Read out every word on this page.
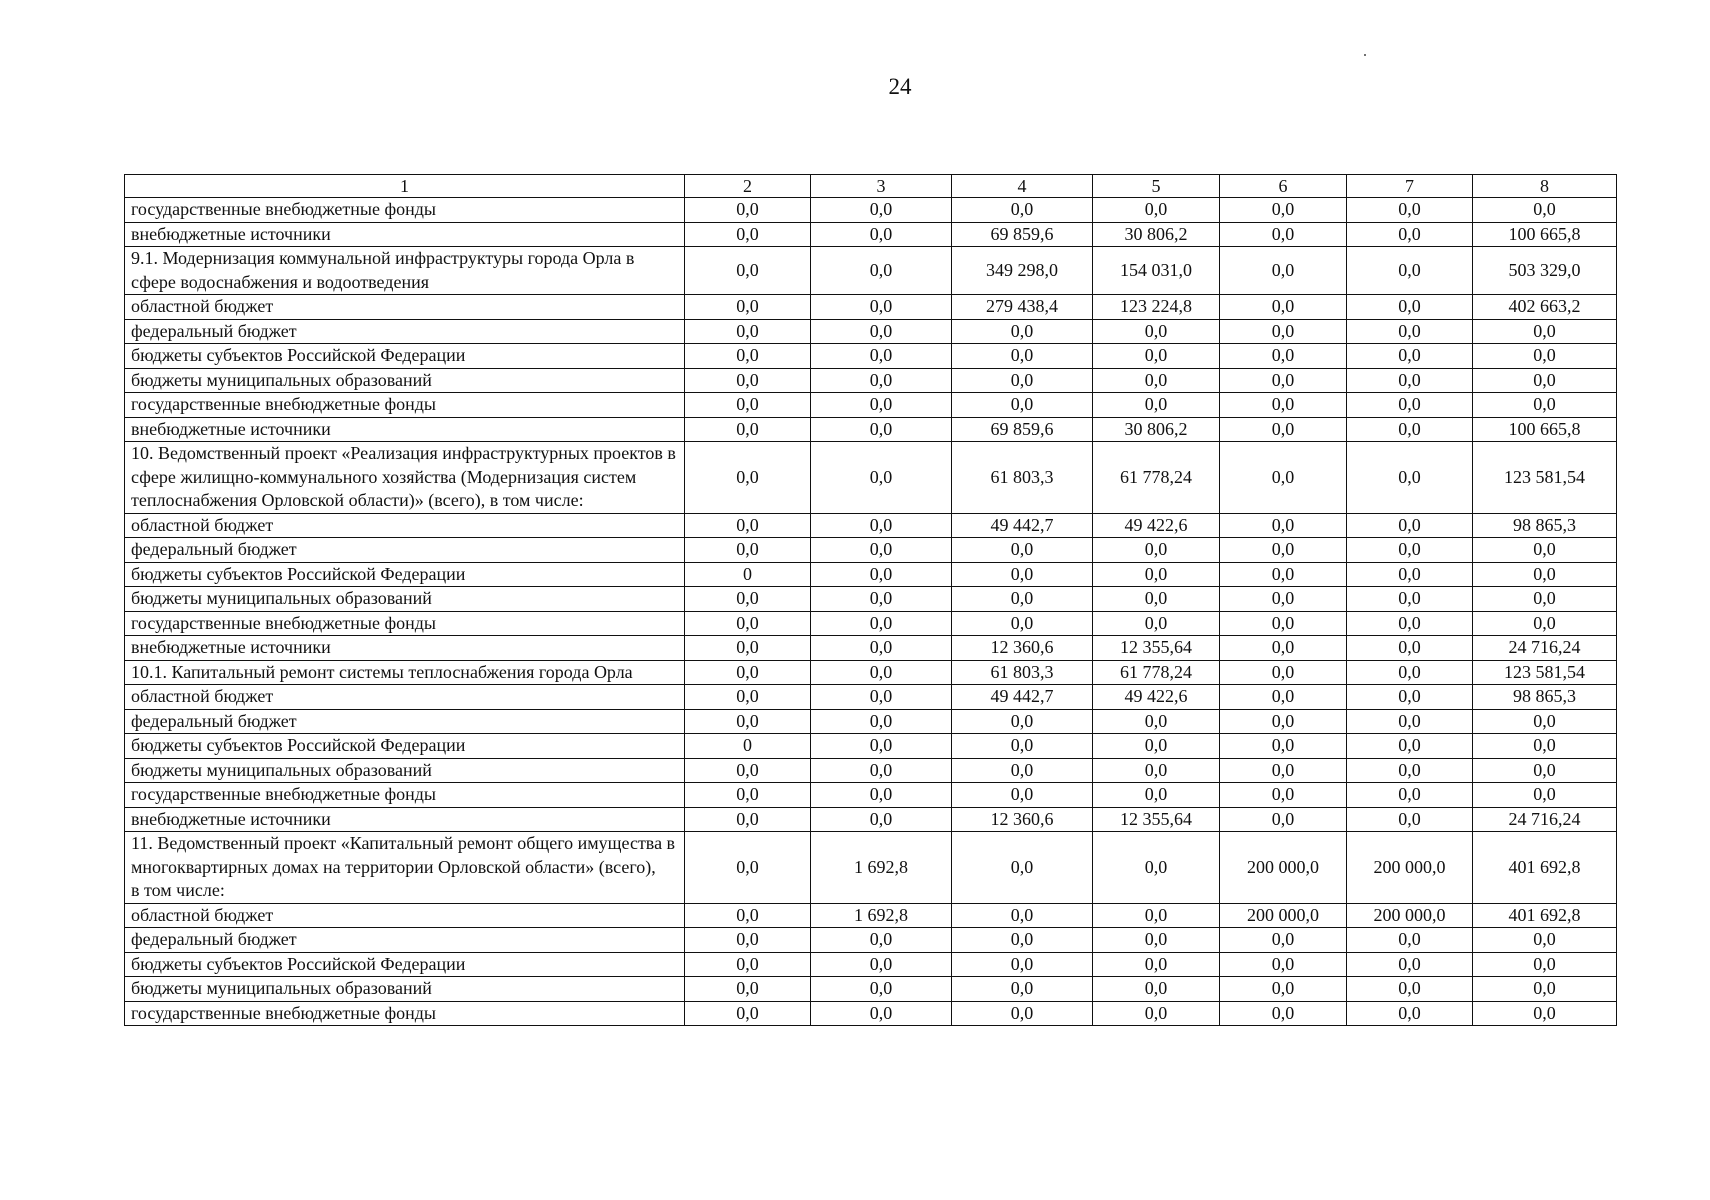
24
1	2	3	4	5	6	7	8
государственные внебюджетные фонды	0,0	0,0	0,0	0,0	0,0	0,0	0,0
внебюджетные источники	0,0	0,0	69 859,6	30 806,2	0,0	0,0	100 665,8
9.1. Модернизация коммунальной инфраструктуры города Орла в сфере водоснабжения и водоотведения	0,0	0,0	349 298,0	154 031,0	0,0	0,0	503 329,0
областной бюджет	0,0	0,0	279 438,4	123 224,8	0,0	0,0	402 663,2
федеральный бюджет	0,0	0,0	0,0	0,0	0,0	0,0	0,0
бюджеты субъектов Российской Федерации	0,0	0,0	0,0	0,0	0,0	0,0	0,0
бюджеты муниципальных образований	0,0	0,0	0,0	0,0	0,0	0,0	0,0
государственные внебюджетные фонды	0,0	0,0	0,0	0,0	0,0	0,0	0,0
внебюджетные источники	0,0	0,0	69 859,6	30 806,2	0,0	0,0	100 665,8
10. Ведомственный проект «Реализация инфраструктурных проектов в сфере жилищно-коммунального хозяйства (Модернизация систем теплоснабжения Орловской области)» (всего), в том числе:	0,0	0,0	61 803,3	61 778,24	0,0	0,0	123 581,54
областной бюджет	0,0	0,0	49 442,7	49 422,6	0,0	0,0	98 865,3
федеральный бюджет	0,0	0,0	0,0	0,0	0,0	0,0	0,0
бюджеты субъектов Российской Федерации	0	0,0	0,0	0,0	0,0	0,0	0,0
бюджеты муниципальных образований	0,0	0,0	0,0	0,0	0,0	0,0	0,0
государственные внебюджетные фонды	0,0	0,0	0,0	0,0	0,0	0,0	0,0
внебюджетные источники	0,0	0,0	12 360,6	12 355,64	0,0	0,0	24 716,24
10.1. Капитальный ремонт системы теплоснабжения города Орла	0,0	0,0	61 803,3	61 778,24	0,0	0,0	123 581,54
областной бюджет	0,0	0,0	49 442,7	49 422,6	0,0	0,0	98 865,3
федеральный бюджет	0,0	0,0	0,0	0,0	0,0	0,0	0,0
бюджеты субъектов Российской Федерации	0	0,0	0,0	0,0	0,0	0,0	0,0
бюджеты муниципальных образований	0,0	0,0	0,0	0,0	0,0	0,0	0,0
государственные внебюджетные фонды	0,0	0,0	0,0	0,0	0,0	0,0	0,0
внебюджетные источники	0,0	0,0	12 360,6	12 355,64	0,0	0,0	24 716,24
11. Ведомственный проект «Капитальный ремонт общего имущества в многоквартирных домах на территории Орловской области» (всего),
в том числе:	0,0	1 692,8	0,0	0,0	200 000,0	200 000,0	401 692,8
областной бюджет	0,0	1 692,8	0,0	0,0	200 000,0	200 000,0	401 692,8
федеральный бюджет	0,0	0,0	0,0	0,0	0,0	0,0	0,0
бюджеты субъектов Российской Федерации	0,0	0,0	0,0	0,0	0,0	0,0	0,0
бюджеты муниципальных образований	0,0	0,0	0,0	0,0	0,0	0,0	0,0
государственные внебюджетные фонды	0,0	0,0	0,0	0,0	0,0	0,0	0,0
